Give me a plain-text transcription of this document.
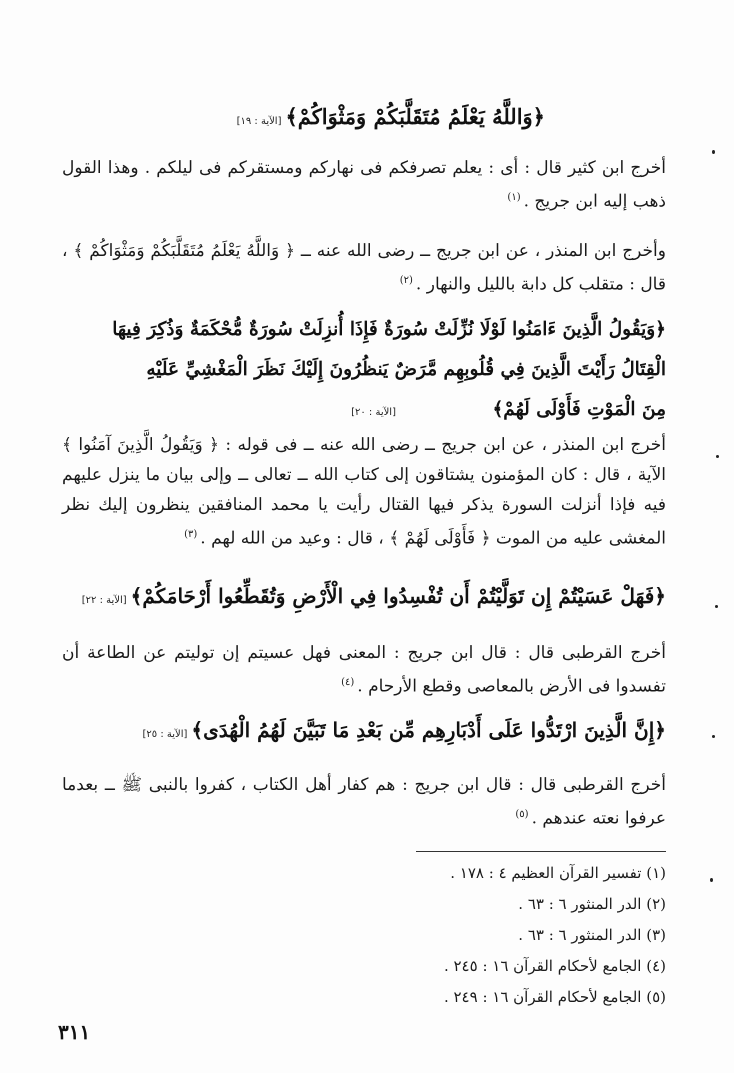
﴿وَاللَّهُ يَعْلَمُ مُتَقَلَّبَكُمْ وَمَثْوَاكُمْ﴾[الآية : ١٩]

أخرج ابن كثير قال : أى : يعلم تصرفكم فى نهاركم ومستقركم فى ليلكم . وهذا القول ذهب إليه ابن جريج .$^{(١)}$

وأخرج ابن المنذر ، عن ابن جريج ــ رضى الله عنه ــ ﴿ وَاللَّهُ يَعْلَمُ مُتَقَلَّبَكُمْ وَمَثْوَاكُمْ ﴾ ، قال : متقلب كل دابة بالليل والنهار .$^{(٢)}$

﴿وَيَقُولُ الَّذِينَ ءَامَنُوا لَوْلَا نُزِّلَتْ سُورَةٌ فَإِذَا أُنزِلَتْ سُورَةٌ مُّحْكَمَةٌ وَذُكِرَ فِيهَا
الْقِتَالُ رَأَيْتَ الَّذِينَ فِي قُلُوبِهِم مَّرَضٌ يَنظُرُونَ إِلَيْكَ نَظَرَ الْمَغْشِيِّ عَلَيْهِ
مِنَ الْمَوْتِ فَأَوْلَى لَهُمْ﴾ [الآية : ٢٠]

أخرج ابن المنذر ، عن ابن جريج ــ رضى الله عنه ــ فى قوله : ﴿ وَيَقُولُ الَّذِينَ آمَنُوا ﴾ الآية ، قال : كان المؤمنون يشتاقون إلى كتاب الله ــ تعالى ــ وإلى بيان ما ينزل عليهم فيه فإذا أنزلت السورة يذكر فيها القتال رأيت يا محمد المنافقين ينظرون إليك نظر المغشى عليه من الموت ﴿ فَأَوْلَى لَهُمْ ﴾ ، قال : وعيد من الله لهم .$^{(٣)}$

﴿فَهَلْ عَسَيْتُمْ إِن تَوَلَّيْتُمْ أَن تُفْسِدُوا فِي الْأَرْضِ وَتُقَطِّعُوا أَرْحَامَكُمْ﴾[الآية : ٢٢]

أخرج القرطبى قال : قال ابن جريج : المعنى فهل عسيتم إن توليتم عن الطاعة أن تفسدوا فى الأرض بالمعاصى وقطع الأرحام .$^{(٤)}$

﴿إِنَّ الَّذِينَ ارْتَدُّوا عَلَى أَدْبَارِهِم مِّن بَعْدِ مَا تَبَيَّنَ لَهُمُ الْهُدَى﴾[الآية : ٢٥]

أخرج القرطبى قال : قال ابن جريج : هم كفار أهل الكتاب ، كفروا بالنبى ﷺ ــ بعدما عرفوا نعته عندهم .$^{(٥)}$

(١) تفسير القرآن العظيم ٤ : ١٧٨ .
(٢) الدر المنثور ٦ : ٦٣ .
(٣) الدر المنثور ٦ : ٦٣ .
(٤) الجامع لأحكام القرآن ١٦ : ٢٤٥ .
(٥) الجامع لأحكام القرآن ١٦ : ٢٤٩ .
٣١١
